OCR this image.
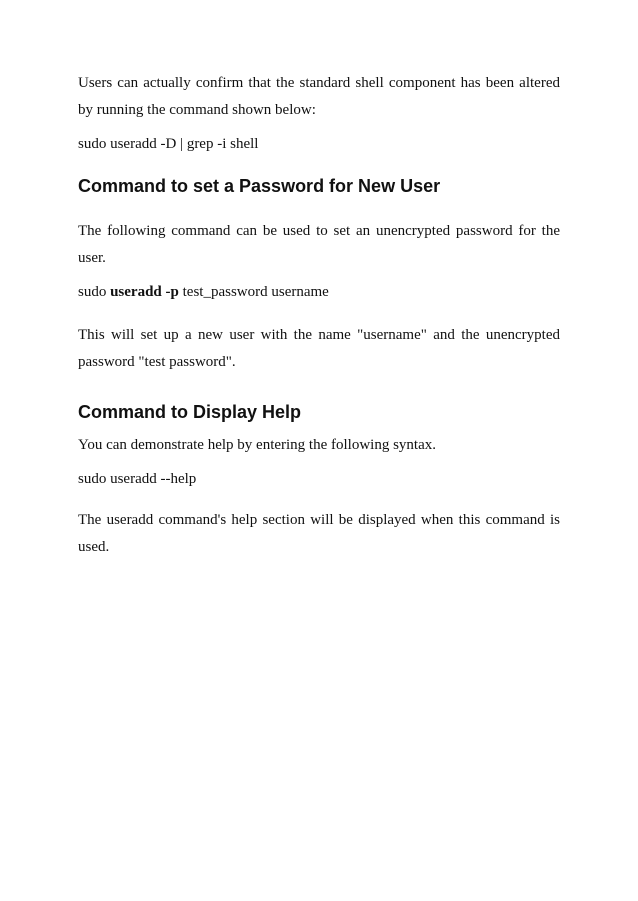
Users can actually confirm that the standard shell component has been altered by running the command shown below:

sudo useradd -D | grep -i shell

Command to set a Password for New User

The following command can be used to set an unencrypted password for the user.

sudo useradd -p test_password username

This will set up a new user with the name "username" and the unencrypted password "test password".

Command to Display Help

You can demonstrate help by entering the following syntax.

sudo useradd --help

The useradd command's help section will be displayed when this command is used.
